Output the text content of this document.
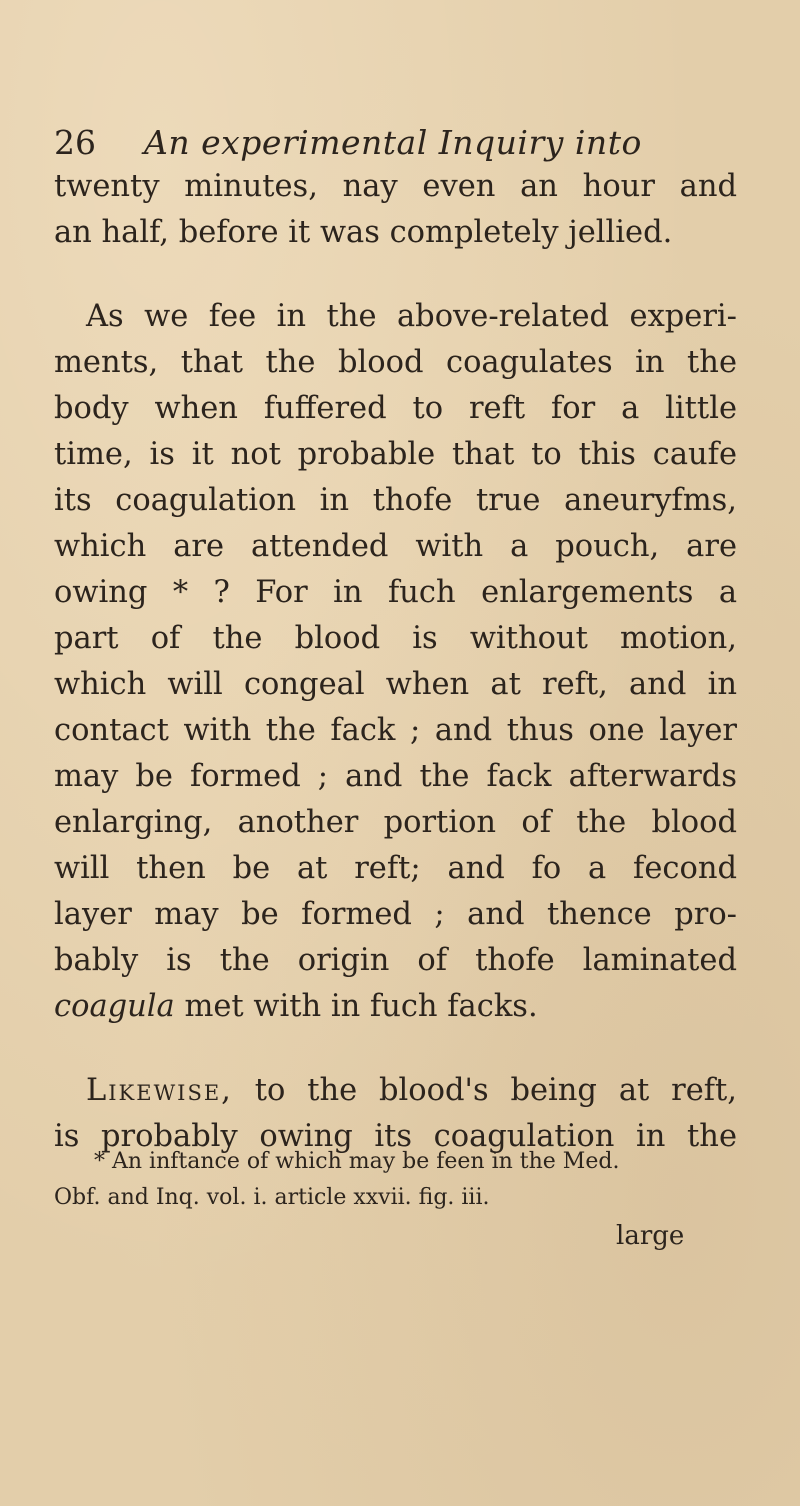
26 An experimental Inquiry into
twenty minutes, nay even an hour and
an half, before it was completely jellied.
As we fee in the above-related experi-
ments, that the blood coagulates in the
body when fuffered to reft for a little
time, is it not probable that to this caufe
its coagulation in thofe true aneuryfms,
which are attended with a pouch, are
owing * ? For in fuch enlargements a
part of the blood is without motion,
which will congeal when at reft, and in
contact with the fack ; and thus one layer
may be formed ; and the fack afterwards
enlarging, another portion of the blood
will then be at reft; and fo a fecond
layer may be formed ; and thence pro-
bably is the origin of thofe laminated
coagula met with in fuch facks.
Likewise, to the blood's being at reft,
is probably owing its coagulation in the
* An inftance of which may be feen in the Med.
Obf. and Inq. vol. i. article xxvii. fig. iii.
large
